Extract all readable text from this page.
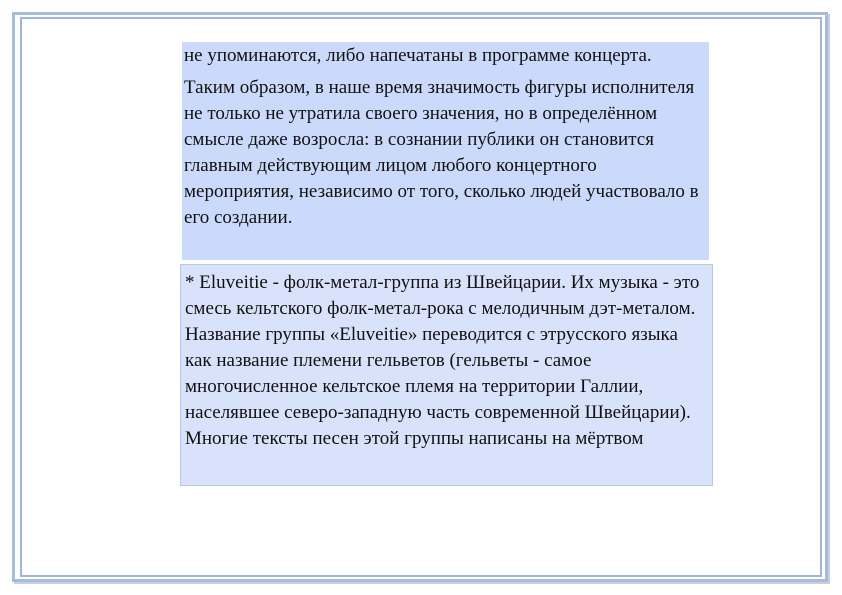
не упоминаются, либо напечатаны в программе концерта.

Таким образом, в наше время значимость фигуры исполнителя не только не утратила своего значения, но в определённом смысле даже возросла: в сознании публики он становится главным действующим лицом любого концертного мероприятия, независимо от того, сколько людей участвовало в его создании.

* Eluveitie - фолк-метал-группа из Швейцарии. Их музыка - это смесь кельтского фолк-метал-рока с мелодичным дэт-металом. Название группы «Eluveitie» переводится с этрусского языка как название племени гельветов (гельветы - самое многочисленное кельтское племя на территории Галлии, населявшее северо-западную часть современной Швейцарии). Многие тексты песен этой группы написаны на мёртвом
